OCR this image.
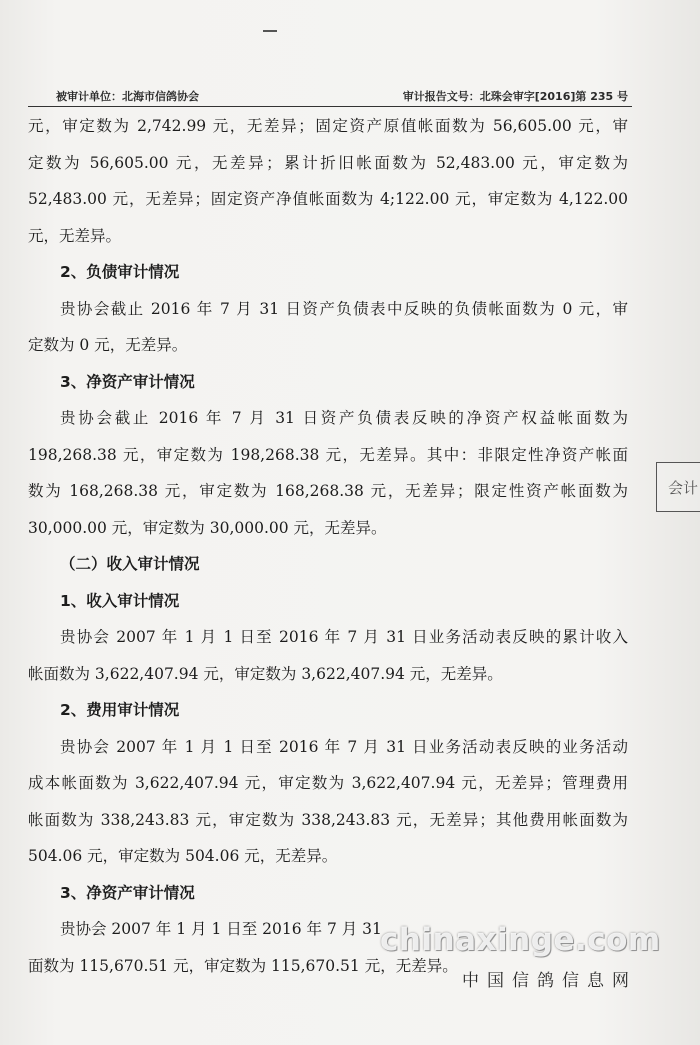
被审计单位：北海市信鸽协会	审计报告文号：北珠会审字[2016]第 235 号

元，审定数为 2,742.99 元，无差异；固定资产原值帐面数为 56,605.00 元，审

定数为 56,605.00 元，无差异；累计折旧帐面数为 52,483.00 元，审定数为

52,483.00 元，无差异；固定资产净值帐面数为 4;122.00 元，审定数为 4,122.00

元，无差异。

2、负债审计情况

贵协会截止 2016 年 7 月 31 日资产负债表中反映的负债帐面数为 0 元，审

定数为 0 元，无差异。

3、净资产审计情况

贵协会截止 2016 年 7 月 31 日资产负债表反映的净资产权益帐面数为

198,268.38 元，审定数为 198,268.38 元，无差异。其中：非限定性净资产帐面

数为 168,268.38 元，审定数为 168,268.38 元，无差异；限定性资产帐面数为

30,000.00 元，审定数为 30,000.00 元，无差异。

（二）收入审计情况

1、收入审计情况

贵协会 2007 年 1 月 1 日至 2016 年 7 月 31 日业务活动表反映的累计收入

帐面数为 3,622,407.94 元，审定数为 3,622,407.94 元，无差异。

2、费用审计情况

贵协会 2007 年 1 月 1 日至 2016 年 7 月 31 日业务活动表反映的业务活动

成本帐面数为 3,622,407.94 元，审定数为 3,622,407.94 元，无差异；管理费用

帐面数为 338,243.83 元，审定数为 338,243.83 元，无差异；其他费用帐面数为

504.06 元，审定数为 504.06 元，无差异。

3、净资产审计情况

贵协会 2007 年 1 月 1 日至 2016 年 7 月 31

面数为 115,670.51 元，审定数为 115,670.51 元，无差异。

会计
chinaxinge.com
中国信鸽信息网
